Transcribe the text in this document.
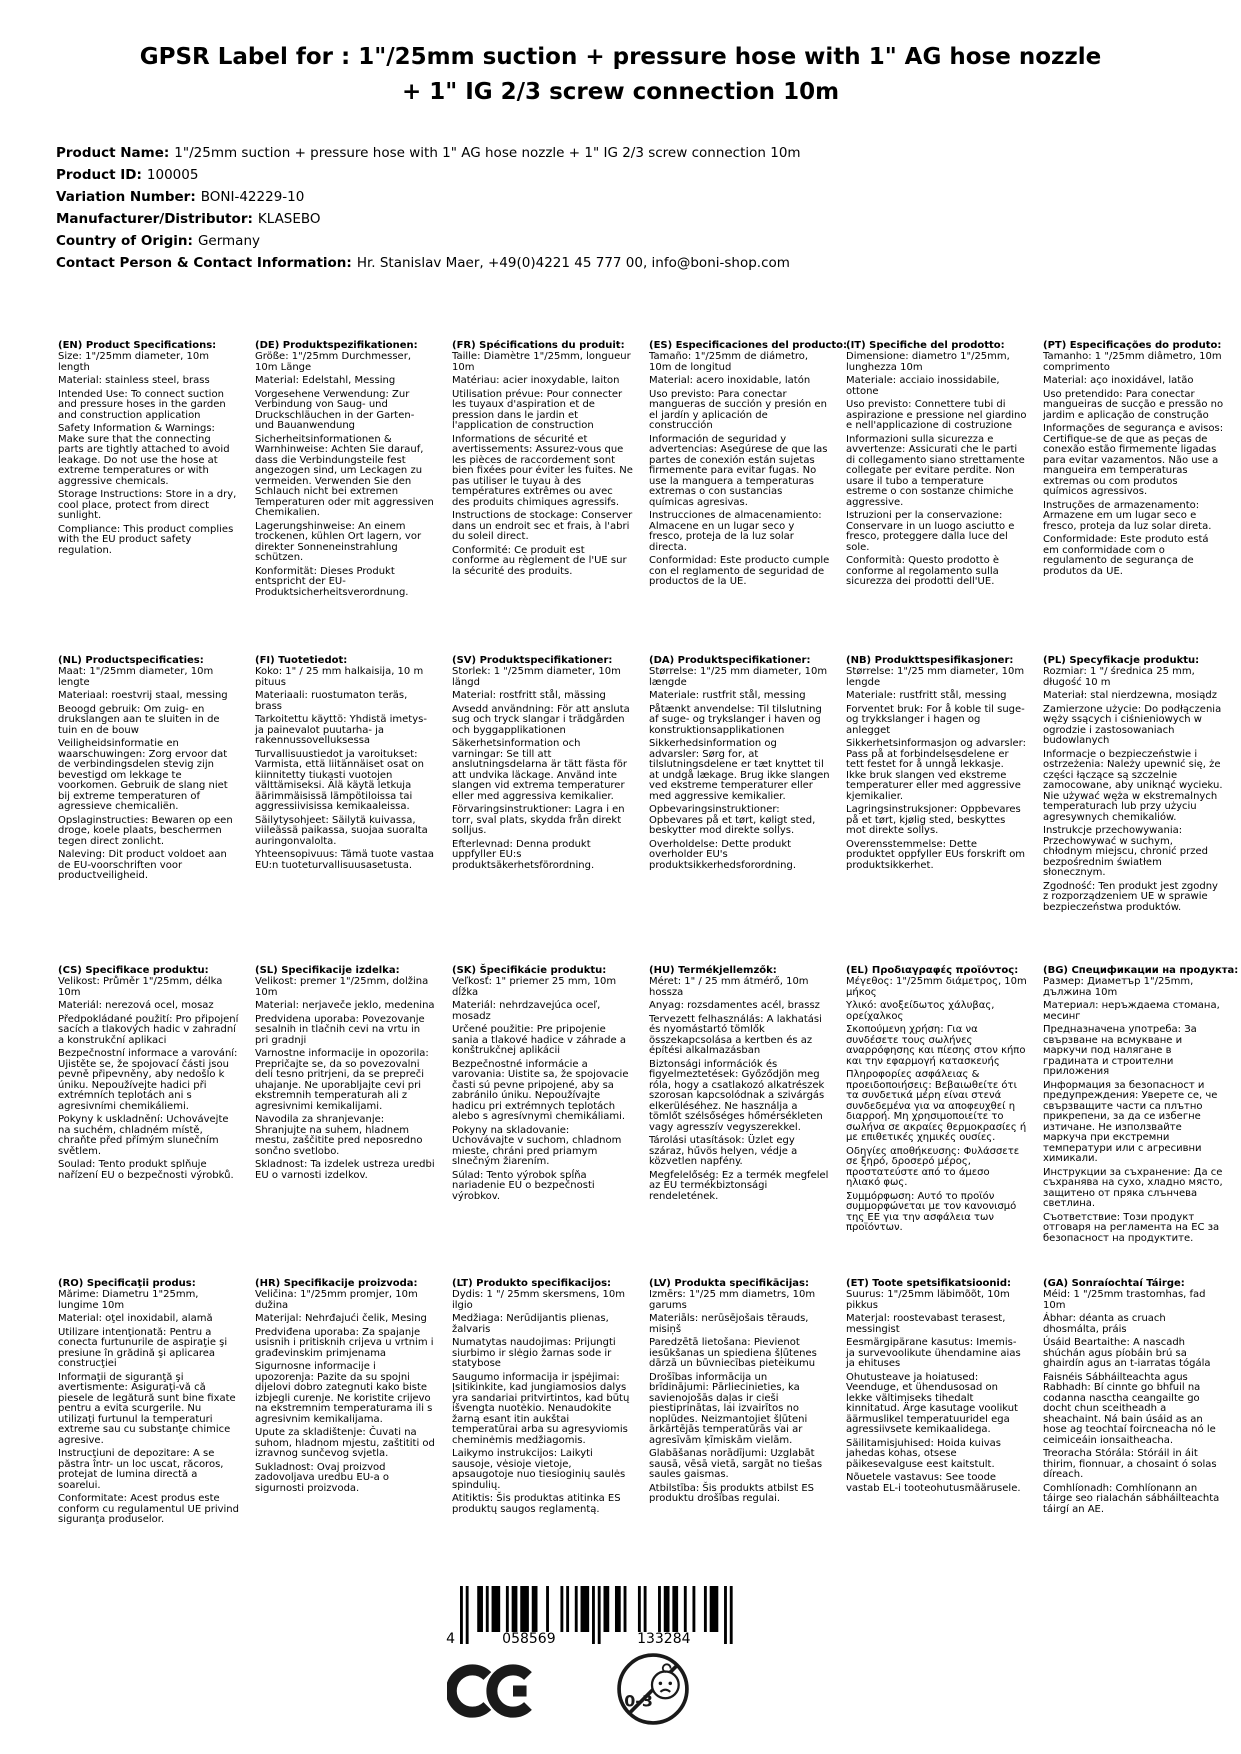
GPSR Label for : 1"/25mm suction + pressure hose with 1" AG hose nozzle + 1" IG 2/3 screw connection 10m
Product Name: 1"/25mm suction + pressure hose with 1" AG hose nozzle + 1" IG 2/3 screw connection 10m
Product ID: 100005
Variation Number: BONI-42229-10
Manufacturer/Distributor: KLASEBO
Country of Origin: Germany
Contact Person & Contact Information: Hr. Stanislav Maer, +49(0)4221 45 777 00, info@boni-shop.com
(EN) Product Specifications:

Size: 1"/25mm diameter, 10m length

Material: stainless steel, brass

Intended Use: To connect suction and pressure hoses in the garden and construction application

Safety Information & Warnings: Make sure that the connecting parts are tightly attached to avoid leakage. Do not use the hose at extreme temperatures or with aggressive chemicals.

Storage Instructions: Store in a dry, cool place, protect from direct sunlight.

Compliance: This product complies with the EU product safety regulation.

(DE) Produktspezifikationen:

Größe: 1"/25mm Durchmesser, 10m Länge

Material: Edelstahl, Messing

Vorgesehene Verwendung: Zur Verbindung von Saug- und Druckschläuchen in der Garten- und Bauanwendung

Sicherheitsinformationen & Warnhinweise: Achten Sie darauf, dass die Verbindungsteile fest angezogen sind, um Leckagen zu vermeiden. Verwenden Sie den Schlauch nicht bei extremen Temperaturen oder mit aggressiven Chemikalien.

Lagerungshinweise: An einem trockenen, kühlen Ort lagern, vor direkter Sonneneinstrahlung schützen.

Konformität: Dieses Produkt entspricht der EU-Produktsicherheitsverordnung.

(FR) Spécifications du produit:

Taille: Diamètre 1"/25mm, longueur 10m

Matériau: acier inoxydable, laiton

Utilisation prévue: Pour connecter les tuyaux d'aspiration et de pression dans le jardin et l'application de construction

Informations de sécurité et avertissements: Assurez-vous que les pièces de raccordement sont bien fixées pour éviter les fuites. Ne pas utiliser le tuyau à des températures extrêmes ou avec des produits chimiques agressifs.

Instructions de stockage: Conserver dans un endroit sec et frais, à l'abri du soleil direct.

Conformité: Ce produit est conforme au règlement de l'UE sur la sécurité des produits.

(ES) Especificaciones del producto:

Tamaño: 1"/25mm de diámetro, 10m de longitud

Material: acero inoxidable, latón

Uso previsto: Para conectar mangueras de succión y presión en el jardín y aplicación de construcción

Información de seguridad y advertencias: Asegúrese de que las partes de conexión están sujetas firmemente para evitar fugas. No use la manguera a temperaturas extremas o con sustancias químicas agresivas.

Instrucciones de almacenamiento: Almacene en un lugar seco y fresco, proteja de la luz solar directa.

Conformidad: Este producto cumple con el reglamento de seguridad de productos de la UE.

(IT) Specifiche del prodotto:

Dimensione: diametro 1"/25mm, lunghezza 10m

Materiale: acciaio inossidabile, ottone

Uso previsto: Connettere tubi di aspirazione e pressione nel giardino e nell'applicazione di costruzione

Informazioni sulla sicurezza e avvertenze: Assicurati che le parti di collegamento siano strettamente collegate per evitare perdite. Non usare il tubo a temperature estreme o con sostanze chimiche aggressive.

Istruzioni per la conservazione: Conservare in un luogo asciutto e fresco, proteggere dalla luce del sole.

Conformità: Questo prodotto è conforme al regolamento sulla sicurezza dei prodotti dell'UE.

(PT) Especificações do produto:

Tamanho: 1 "/25mm diâmetro, 10m comprimento

Material: aço inoxidável, latão

Uso pretendido: Para conectar mangueiras de sucção e pressão no jardim e aplicação de construção

Informações de segurança e avisos: Certifique-se de que as peças de conexão estão firmemente ligadas para evitar vazamentos. Não use a mangueira em temperaturas extremas ou com produtos químicos agressivos.

Instruções de armazenamento: Armazene em um lugar seco e fresco, proteja da luz solar direta.

Conformidade: Este produto está em conformidade com o regulamento de segurança de produtos da UE.

(NL) Productspecificaties:

Maat: 1"/25mm diameter, 10m lengte

Materiaal: roestvrij staal, messing

Beoogd gebruik: Om zuig- en drukslangen aan te sluiten in de tuin en de bouw

Veiligheidsinformatie en waarschuwingen: Zorg ervoor dat de verbindingsdelen stevig zijn bevestigd om lekkage te voorkomen. Gebruik de slang niet bij extreme temperaturen of agressieve chemicaliën.

Opslaginstructies: Bewaren op een droge, koele plaats, beschermen tegen direct zonlicht.

Naleving: Dit product voldoet aan de EU-voorschriften voor productveiligheid.

(FI) Tuotetiedot:

Koko: 1" / 25 mm halkaisija, 10 m pituus

Materiaali: ruostumaton teräs, brass

Tarkoitettu käyttö: Yhdistä imetys- ja painevalot puutarha- ja rakennussovelluksessa

Turvallisuustiedot ja varoitukset: Varmista, että liitännäiset osat on kiinnitetty tiukasti vuotojen välttämiseksi. Älä käytä letkuja äärimmäisissä lämpötiloissa tai aggressiivisissa kemikaaleissa.

Säilytysohjeet: Säilytä kuivassa, viileässä paikassa, suojaa suoralta auringonvalolta.

Yhteensopivuus: Tämä tuote vastaa EU:n tuoteturvallisuusasetusta.

(SV) Produktspecifikationer:

Storlek: 1 "/25mm diameter, 10m längd

Material: rostfritt stål, mässing

Avsedd användning: För att ansluta sug och tryck slangar i trädgården och byggapplikationen

Säkerhetsinformation och varningar: Se till att anslutningsdelarna är tätt fästa för att undvika läckage. Använd inte slangen vid extrema temperaturer eller med aggressiva kemikalier.

Förvaringsinstruktioner: Lagra i en torr, sval plats, skydda från direkt solljus.

Efterlevnad: Denna produkt uppfyller EU:s produktsäkerhetsförordning.

(DA) Produktspecifikationer:

Størrelse: 1"/25 mm diameter, 10m længde

Materiale: rustfrit stål, messing

Påtænkt anvendelse: Til tilslutning af suge- og trykslanger i haven og konstruktionsapplikationen

Sikkerhedsinformation og advarsler: Sørg for, at tilslutningsdelene er tæt knyttet til at undgå lækage. Brug ikke slangen ved ekstreme temperaturer eller med aggressive kemikalier.

Opbevaringsinstruktioner: Opbevares på et tørt, køligt sted, beskytter mod direkte sollys.

Overholdelse: Dette produkt overholder EU's produktsikkerhedsforordning.

(NB) Produkttspesifikasjoner:

Størrelse: 1"/25 mm diameter, 10m lengde

Materiale: rustfritt stål, messing

Forventet bruk: For å koble til suge- og trykkslanger i hagen og anlegget

Sikkerhetsinformasjon og advarsler: Pass på at forbindelsesdelene er tett festet for å unngå lekkasje. Ikke bruk slangen ved ekstreme temperaturer eller med aggressive kjemikalier.

Lagringsinstruksjoner: Oppbevares på et tørt, kjølig sted, beskyttes mot direkte sollys.

Overensstemmelse: Dette produktet oppfyller EUs forskrift om produktsikkerhet.

(PL) Specyfikacje produktu:

Rozmiar: 1 "/ średnica 25 mm, długość 10 m

Materiał: stal nierdzewna, mosiądz

Zamierzone użycie: Do podłączenia węży ssących i ciśnieniowych w ogrodzie i zastosowaniach budowlanych

Informacje o bezpieczeństwie i ostrzeżenia: Należy upewnić się, że części łączące są szczelnie zamocowane, aby uniknąć wycieku. Nie używać węża w ekstremalnych temperaturach lub przy użyciu agresywnych chemikaliów.

Instrukcje przechowywania: Przechowywać w suchym, chłodnym miejscu, chronić przed bezpośrednim światłem słonecznym.

Zgodność: Ten produkt jest zgodny z rozporządzeniem UE w sprawie bezpieczeństwa produktów.

(CS) Specifikace produktu:

Velikost: Průměr 1"/25mm, délka 10m

Materiál: nerezová ocel, mosaz

Předpokládané použití: Pro připojení sacích a tlakových hadic v zahradní a konstrukční aplikaci

Bezpečnostní informace a varování: Ujistěte se, že spojovací části jsou pevně připevněny, aby nedošlo k úniku. Nepoužívejte hadici při extrémních teplotách ani s agresivními chemikáliemi.

Pokyny k uskladnění: Uchovávejte na suchém, chladném místě, chraňte před přímým slunečním světlem.

Soulad: Tento produkt splňuje nařízení EU o bezpečnosti výrobků.

(SL) Specifikacije izdelka:

Velikost: premer 1"/25mm, dolžina 10m

Material: nerjaveče jeklo, medenina

Predvidena uporaba: Povezovanje sesalnih in tlačnih cevi na vrtu in pri gradnji

Varnostne informacije in opozorila: Prepričajte se, da so povezovalni deli tesno pritrjeni, da se prepreči uhajanje. Ne uporabljajte cevi pri ekstremnih temperaturah ali z agresivnimi kemikalijami.

Navodila za shranjevanje: Shranjujte na suhem, hladnem mestu, zaščitite pred neposredno sončno svetlobo.

Skladnost: Ta izdelek ustreza uredbi EU o varnosti izdelkov.

(SK) Špecifikácie produktu:

Veľkosť: 1" priemer 25 mm, 10m dĺžka

Materiál: nehrdzavejúca oceľ, mosadz

Určené použitie: Pre pripojenie sania a tlakové hadice v záhrade a konštrukčnej aplikácii

Bezpečnostné informácie a varovania: Uistite sa, že spojovacie časti sú pevne pripojené, aby sa zabránilo úniku. Nepoužívajte hadicu pri extrémnych teplotách alebo s agresívnymi chemikáliami.

Pokyny na skladovanie: Uchovávajte v suchom, chladnom mieste, chráni pred priamym slnečným žiarením.

Súlad: Tento výrobok spĺňa nariadenie EÚ o bezpečnosti výrobkov.

(HU) Termékjellemzők:

Méret: 1" / 25 mm átmérő, 10m hossza

Anyag: rozsdamentes acél, brassz

Tervezett felhasználás: A lakhatási és nyomástartó tömlők összekapcsolása a kertben és az építési alkalmazásban

Biztonsági információk és figyelmeztetések: Győződjön meg róla, hogy a csatlakozó alkatrészek szorosan kapcsolódnak a szivárgás elkerüléséhez. Ne használja a tömlőt szélsőséges hőmérsékleten vagy agresszív vegyszerekkel.

Tárolási utasítások: Üzlet egy száraz, hűvös helyen, védje a közvetlen napfény.

Megfelelőség: Ez a termék megfelel az EU termékbiztonsági rendeletének.

(EL) Προδιαγραφές προϊόντος:

Μέγεθος: 1"/25mm διάμετρος, 10m μήκος

Υλικό: ανοξείδωτος χάλυβας, ορείχαλκος

Σκοπούμενη χρήση: Για να συνδέσετε τους σωλήνες αναρρόφησης και πίεσης στον κήπο και την εφαρμογή κατασκευής

Πληροφορίες ασφάλειας & προειδοποιήσεις: Βεβαιωθείτε ότι τα συνδετικά μέρη είναι στενά συνδεδεμένα για να αποφευχθεί η διαρροή. Μη χρησιμοποιείτε το σωλήνα σε ακραίες θερμοκρασίες ή με επιθετικές χημικές ουσίες.

Οδηγίες αποθήκευσης: Φυλάσσετε σε ξηρό, δροσερό μέρος, προστατεύστε από το άμεσο ηλιακό φως.

Συμμόρφωση: Αυτό το προϊόν συμμορφώνεται με τον κανονισμό της ΕΕ για την ασφάλεια των προϊόντων.

(BG) Спецификации на продукта:

Размер: Диаметър 1"/25mm, дължина 10m

Материал: неръждаема стомана, месинг

Предназначена употреба: За свързване на всмукване и маркучи под налягане в градината и строителни приложения

Информация за безопасност и предупреждения: Уверете се, че свързващите части са плътно прикрепени, за да се избегне изтичане. Не използвайте маркуча при екстремни температури или с агресивни химикали.

Инструкции за съхранение: Да се съхранява на сухо, хладно място, защитено от пряка слънчева светлина.

Съответствие: Този продукт отговаря на регламента на ЕС за безопасност на продуктите.

(RO) Specificaţii produs:

Mărime: Diametru 1"25mm, lungime 10m

Material: oţel inoxidabil, alamă

Utilizare intenţionată: Pentru a conecta furtunurile de aspiraţie şi presiune în grădină şi aplicarea construcţiei

Informaţii de siguranţă şi avertismente: Asiguraţi-vă că piesele de legătură sunt bine fixate pentru a evita scurgerile. Nu utilizaţi furtunul la temperaturi extreme sau cu substanţe chimice agresive.

Instrucţiuni de depozitare: A se păstra într- un loc uscat, răcoros, protejat de lumina directă a soarelui.

Conformitate: Acest produs este conform cu regulamentul UE privind siguranţa produselor.

(HR) Specifikacije proizvoda:

Veličina: 1"/25mm promjer, 10m dužina

Materijal: Nehrđajući čelik, Mesing

Predviđena uporaba: Za spajanje usisnih i pritisknih crijeva u vrtnim i građevinskim primjenama

Sigurnosne informacije i upozorenja: Pazite da su spojni dijelovi dobro zategnuti kako biste izbjegli curenje. Ne koristite crijevo na ekstremnim temperaturama ili s agresivnim kemikalijama.

Upute za skladištenje: Čuvati na suhom, hladnom mjestu, zaštititi od izravnog sunčevog svjetla.

Sukladnost: Ovaj proizvod zadovoljava uredbu EU-a o sigurnosti proizvoda.

(LT) Produkto specifikacijos:

Dydis: 1 "/ 25mm skersmens, 10m ilgio

Medžiaga: Nerūdijantis plienas, žalvaris

Numatytas naudojimas: Prijungti siurbimo ir slėgio žarnas sode ir statybose

Saugumo informacija ir įspėjimai: Įsitikinkite, kad jungiamosios dalys yra sandariai pritvirtintos, kad būtų išvengta nuotėkio. Nenaudokite žarną esant itin aukštai temperatūrai arba su agresyviomis cheminėmis medžiagomis.

Laikymo instrukcijos: Laikyti sausoje, vėsioje vietoje, apsaugotoje nuo tiesioginių saulės spindulių.

Atitiktis: Šis produktas atitinka ES produktų saugos reglamentą.

(LV) Produkta specifikācijas:

Izmērs: 1"/25 mm diametrs, 10m garums

Materiāls: nerūsējošais tērauds, misiņš

Paredzētā lietošana: Pievienot iesūkšanas un spiediena šļūtenes dārzā un būvniecības pieteikumu

Drošības informācija un brīdinājumi: Pārliecinieties, ka savienojošās daļas ir cieši piestiprinātas, lai izvairītos no noplūdes. Neizmantojiet šļūteni ārkārtējās temperatūrās vai ar agresīvām ķīmiskām vielām.

Glabāšanas norādījumi: Uzglabāt sausā, vēsā vietā, sargāt no tiešas saules gaismas.

Atbilstība: Šis produkts atbilst ES produktu drošības regulai.

(ET) Toote spetsifikatsioonid:

Suurus: 1"/25mm läbimõõt, 10m pikkus

Materjal: roostevabast terasest, messingist

Eesmärgipärane kasutus: Imemis- ja survevoolikute ühendamine aias ja ehituses

Ohutusteave ja hoiatused: Veenduge, et ühendusosad on lekke vältimiseks tihedalt kinnitatud. Ärge kasutage voolikut äärmuslikel temperatuuridel ega agressiivsete kemikaalidega.

Säilitamisjuhised: Hoida kuivas jahedas kohas, otsese päikesevalguse eest kaitstult.

Nõuetele vastavus: See toode vastab EL-i tooteohutusmäärusele.

(GA) Sonraíochtaí Táirge:

Méid: 1 "/25mm trastomhas, fad 10m

Ábhar: déanta as cruach dhosmálta, práis

Úsáid Beartaithe: A nascadh shúchán agus píobáin brú sa ghairdín agus an t-iarratas tógála

Faisnéis Sábháilteachta agus Rabhadh: Bí cinnte go bhfuil na codanna nasctha ceangailte go docht chun sceitheadh a sheachaint. Ná bain úsáid as an hose ag teochtaí foircneacha nó le ceimiceáin ionsaitheacha.

Treoracha Stórála: Stóráil in áit thirim, fionnuar, a chosaint ó solas díreach.

Comhlíonadh: Comhlíonann an táirge seo rialachán sábháilteachta táirgí an AE.

4	058569	133284
0-3
